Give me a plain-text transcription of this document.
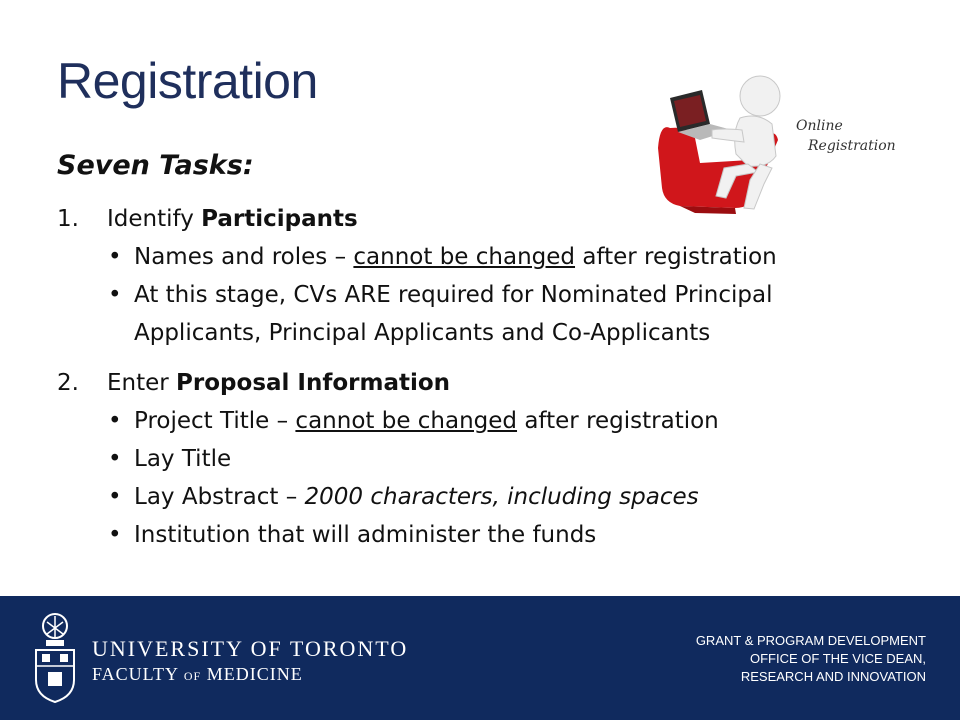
Registration
Seven Tasks:
Online
Registration
1.	Identify Participants
• Names and roles – cannot be changed after registration
• At this stage, CVs ARE required for Nominated Principal
Applicants, Principal Applicants and Co-Applicants
2.	Enter Proposal Information
• Project Title – cannot be changed after registration
• Lay Title
• Lay Abstract – 2000 characters, including spaces
• Institution that will administer the funds
UNIVERSITY OF TORONTO
FACULTY OF MEDICINE
GRANT & PROGRAM DEVELOPMENT
OFFICE OF THE VICE DEAN,
RESEARCH AND INNOVATION
